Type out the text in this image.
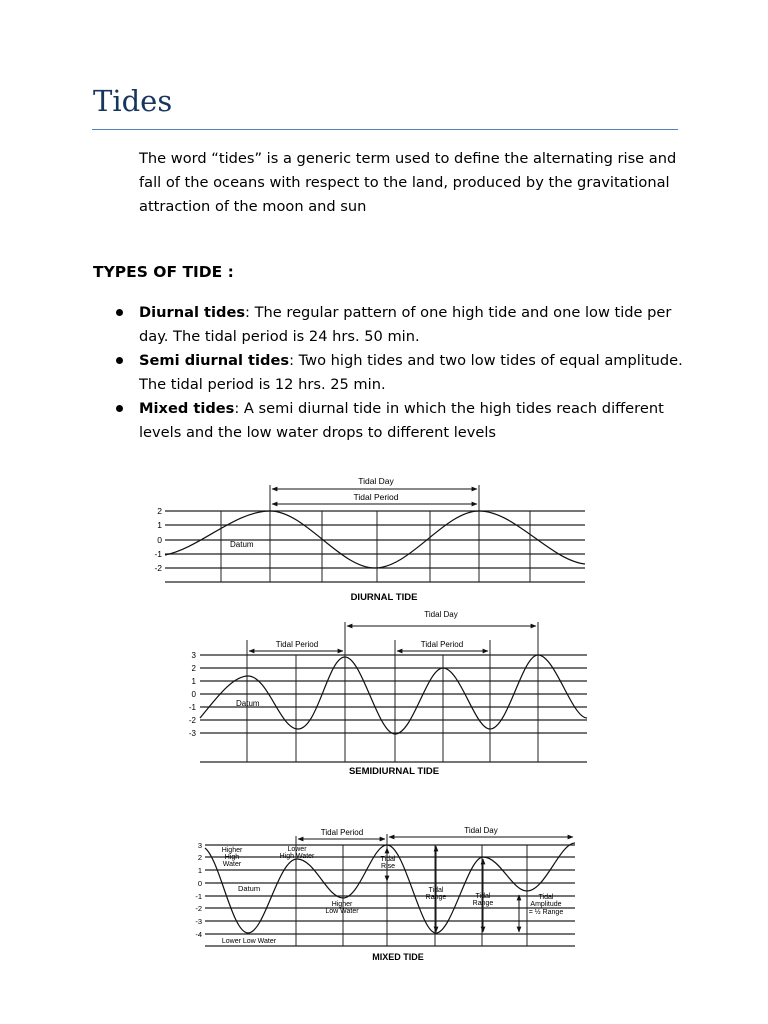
Tides
The word “tides” is a generic term used to define the alternating rise and fall of the oceans with respect to the land, produced by the gravitational attraction of the moon and sun
TYPES OF TIDE :
Diurnal tides: The regular pattern of one high tide and one low tide per day. The tidal period is 24 hrs. 50 min.
Semi diurnal tides: Two high tides and two low tides of equal amplitude. The tidal period is 12 hrs. 25 min.
Mixed tides: A semi diurnal tide in which the high tides reach different levels and the low water drops to different levels
Tidal Day
Tidal Period
Datum
2
1
0
-1
-2
DIURNAL TIDE
Tidal Day
Tidal Period	Tidal Period
Datum
3
2
1
0
-1
-2
-3
SEMIDIURNAL TIDE
Tidal Period	Tidal Day
Datum
Higher
High
Water
Lower
High Water
Higher
Low Water
Lower Low Water
Tidal
Rise
Tidal
Range	Tidal
Range
Tidal
Amplitude
= ½ Range
3
2
1
0
-1
-2
-3
-4
MIXED TIDE
